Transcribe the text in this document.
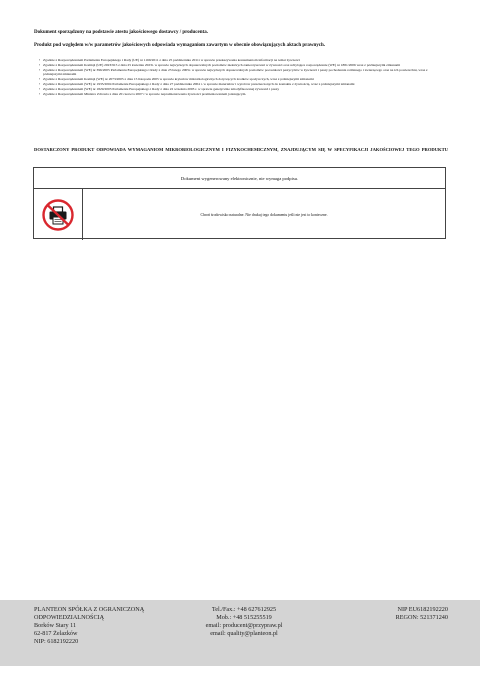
Dokument sporządzony na podstawie atestu jakościowego dostawcy / producenta.
Produkt pod względem w/w parametrów jakościowych odpowiada wymaganiom zawartym w obecnie obowiązujących aktach prawnych.
• Zgodnie z Rozporządzeniem Parlamentu Europejskiego i Rady (UE) nr 1169/2011 z dnia 25 października 2011r w sprawie przekazywania konsumentom informacji na temat żywności
• Zgodnie z Rozporządzeniem Komisji (UE) 2023/915 z dnia 25 kwietnia 2023r. w sprawie najwyższych dopuszczalnych poziomów niektórych zanieczyszczeń w żywności oraz uchylające rozporządzenie (WE) nr 1881/2006 wraz z późniejszymi zmianami
• Zgodnie z Rozporządzeniem (WE) nr 396/2005 Parlamentu Europejskiego i Rady z dnia 23 lutego 2005r. w sprawie najwyższych dopuszczalnych poziomów pozostałości pestycydów w żywności i paszy pochodzenia roślinnego i zwierzęcego oraz na ich powierzchni, wraz z późniejszymi zmianami
• Zgodnie z Rozporządzeniem Komisji (WE) nr 2073/2005 z dnia 15 listopada 2005 w sprawie kryteriów mikrobiologicznych dotyczących środków spożywczych, wraz z późniejszymi zmianami
• Zgodnie z Rozporządzeniem (WE) nr 1935/2004 Parlamentu Europejskiego i Rady z dnia 27 października 2004 r. w sprawie materiałów i wyrobów przeznaczonych do kontaktu z żywnością, wraz z późniejszymi zmianami
• Zgodnie z Rozporządzeniem (WE) nr 1829/2003 Parlamentu Europejskiego i Rady z dnia 22 września 2003 r. w sprawie genetycznie zmodyfikowanej żywności i paszy
• Zgodnie z Rozporządzeniem Ministra Zdrowia z dnia 20 czerwca 2007 r w sprawie napromieniowania żywności promieniowaniem jonizującym.
DOSTARCZONY PRODUKT ODPOWIADA WYMAGANIOM MIKROBIOLOGICZNYM I FIZYKOCHEMICZNYM, ZNAJDUJĄCYM SIĘ W SPECYFIKACJI JAKOŚCIOWEJ TEGO PRODUKTU
Dokument wygenerowany elektronicznie, nie wymaga podpisu.
Chroń środowisko naturalne. Nie drukuj tego dokumentu jeśli nie jest to konieczne.
PLANTEON SPÓŁKA Z OGRANICZONĄ
ODPOWIEDZIALNOŚCIĄ
Borków Stary 11
62-817 Żelazków
NIP: 6182192220
Tel./Fax.: +48 627612925
Mob.: +48 515255519
email: producent@przypraw.pl
email: quality@planteon.pl
NIP EU6182192220
REGON: 521371240
